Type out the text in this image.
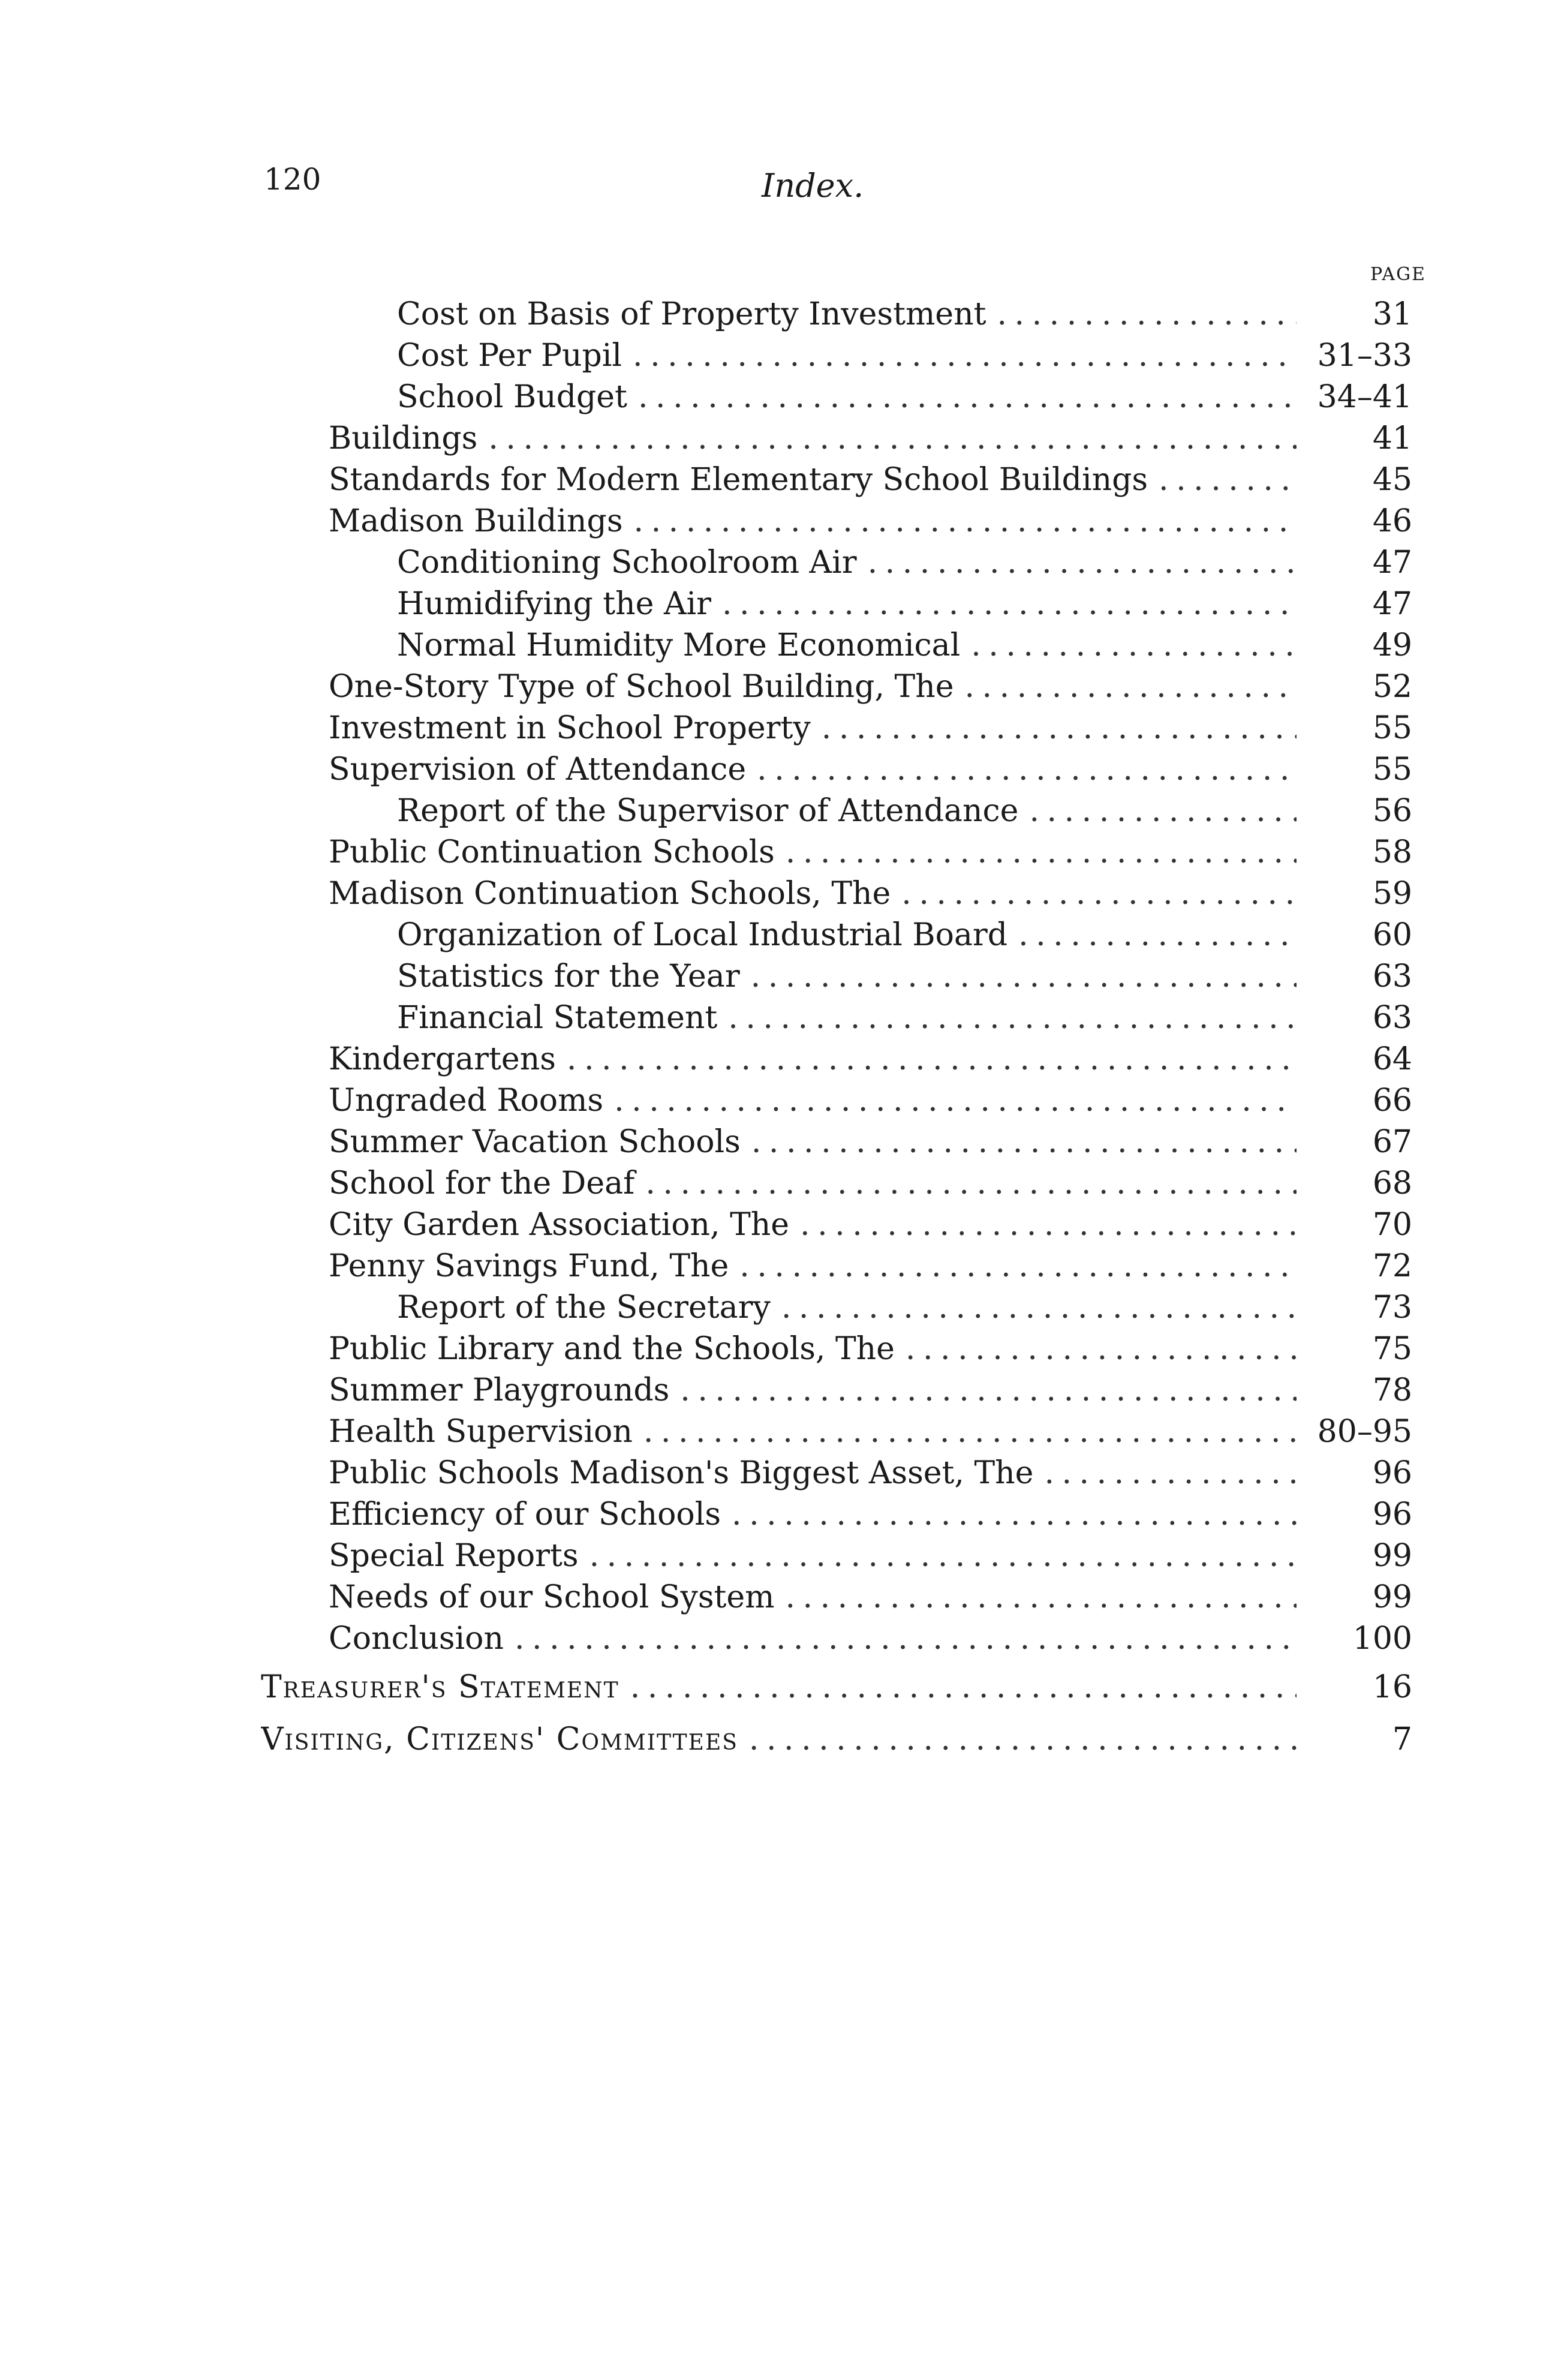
120	Index.
PAGE
Cost on Basis of Property Investment . . .	31
Cost Per Pupil . . .	31–33
School Budget . . .	34–41
Buildings . . .	41
Standards for Modern Elementary School Buildings . . .	45
Madison Buildings . . .	46
Conditioning Schoolroom Air . . .	47
Humidifying the Air . . .	47
Normal Humidity More Economical . . .	49
One-Story Type of School Building, The . . .	52
Investment in School Property . . .	55
Supervision of Attendance . . .	55
Report of the Supervisor of Attendance . . .	56
Public Continuation Schools . . .	58
Madison Continuation Schools, The . . .	59
Organization of Local Industrial Board . . .	60
Statistics for the Year . . .	63
Financial Statement . . .	63
Kindergartens . . .	64
Ungraded Rooms . . .	66
Summer Vacation Schools . . .	67
School for the Deaf . . .	68
City Garden Association, The . . .	70
Penny Savings Fund, The . . .	72
Report of the Secretary . . .	73
Public Library and the Schools, The . . .	75
Summer Playgrounds . . .	78
Health Supervision . . .	80–95
Public Schools Madison's Biggest Asset, The . . .	96
Efficiency of our Schools . . .	96
Special Reports . . .	99
Needs of our School System . . .	99
Conclusion . . .	100
Treasurer's Statement . . .	16
Visiting, Citizens' Committees . . .	7
